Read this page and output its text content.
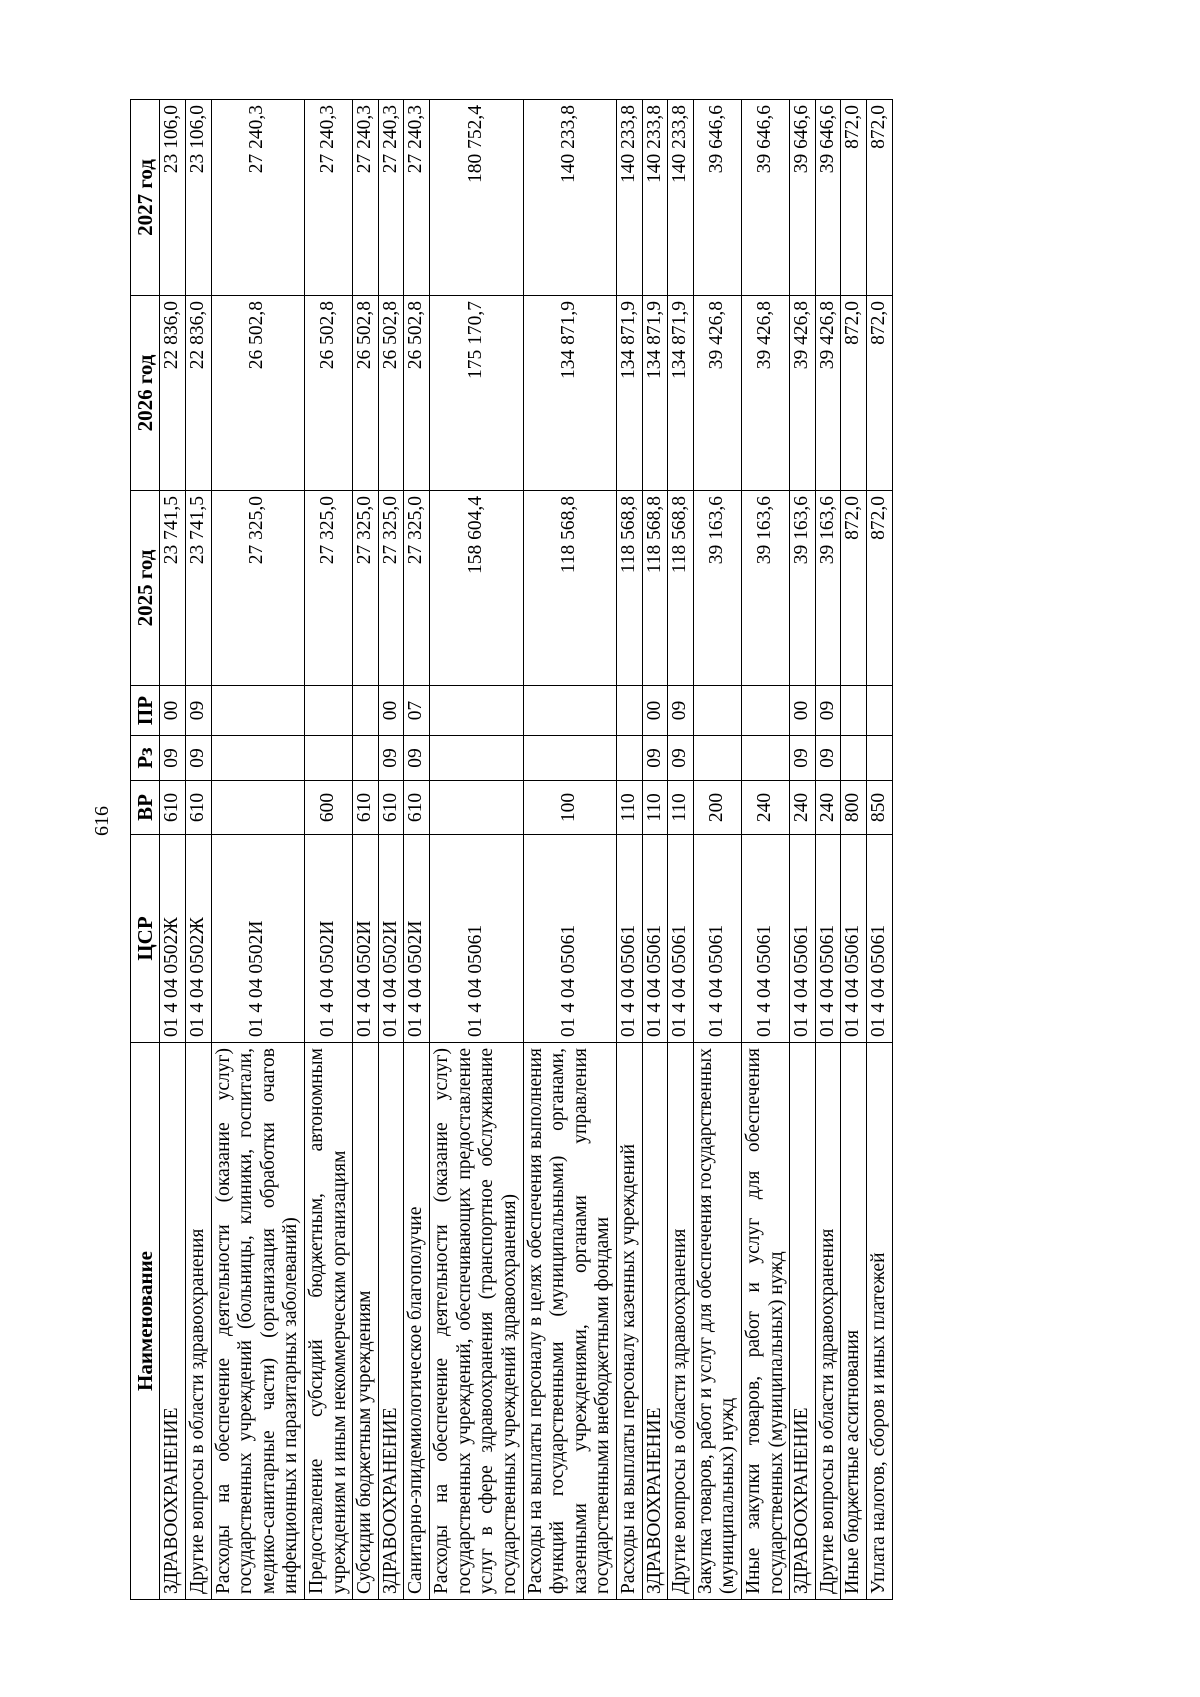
616
Наименование	ЦСР	ВР	Рз	ПР	2025 год	2026 год	2027 год
ЗДРАВООХРАНЕНИЕ	01 4 04 0502Ж	610	09	00	23 741,5	22 836,0	23 106,0
Другие вопросы в области здравоохранения	01 4 04 0502Ж	610	09	09	23 741,5	22 836,0	23 106,0
Расходы на обеспечение деятельности (оказание услуг) государственных учреждений (больницы, клиники, госпитали, медико-санитарные части) (организация обработки очагов инфекционных и паразитарных заболеваний)	01 4 04 0502И				27 325,0	26 502,8	27 240,3
Предоставление субсидий бюджетным, автономным учреждениям и иным некоммерческим организациям	01 4 04 0502И	600			27 325,0	26 502,8	27 240,3
Субсидии бюджетным учреждениям	01 4 04 0502И	610			27 325,0	26 502,8	27 240,3
ЗДРАВООХРАНЕНИЕ	01 4 04 0502И	610	09	00	27 325,0	26 502,8	27 240,3
Санитарно-эпидемиологическое благополучие	01 4 04 0502И	610	09	07	27 325,0	26 502,8	27 240,3
Расходы на обеспечение деятельности (оказание услуг) государственных учреждений, обеспечивающих предоставление услуг в сфере здравоохранения (транспортное обслуживание государственных учреждений здравоохранения)	01 4 04 05061				158 604,4	175 170,7	180 752,4
Расходы на выплаты персоналу в целях обеспечения выполнения функций государственными (муниципальными) органами, казенными учреждениями, органами управления государственными внебюджетными фондами	01 4 04 05061	100			118 568,8	134 871,9	140 233,8
Расходы на выплаты персоналу казенных учреждений	01 4 04 05061	110			118 568,8	134 871,9	140 233,8
ЗДРАВООХРАНЕНИЕ	01 4 04 05061	110	09	00	118 568,8	134 871,9	140 233,8
Другие вопросы в области здравоохранения	01 4 04 05061	110	09	09	118 568,8	134 871,9	140 233,8
Закупка товаров, работ и услуг для обеспечения государственных (муниципальных) нужд	01 4 04 05061	200			39 163,6	39 426,8	39 646,6
Иные закупки товаров, работ и услуг для обеспечения государственных (муниципальных) нужд	01 4 04 05061	240			39 163,6	39 426,8	39 646,6
ЗДРАВООХРАНЕНИЕ	01 4 04 05061	240	09	00	39 163,6	39 426,8	39 646,6
Другие вопросы в области здравоохранения	01 4 04 05061	240	09	09	39 163,6	39 426,8	39 646,6
Иные бюджетные ассигнования	01 4 04 05061	800			872,0	872,0	872,0
Уплата налогов, сборов и иных платежей	01 4 04 05061	850			872,0	872,0	872,0
